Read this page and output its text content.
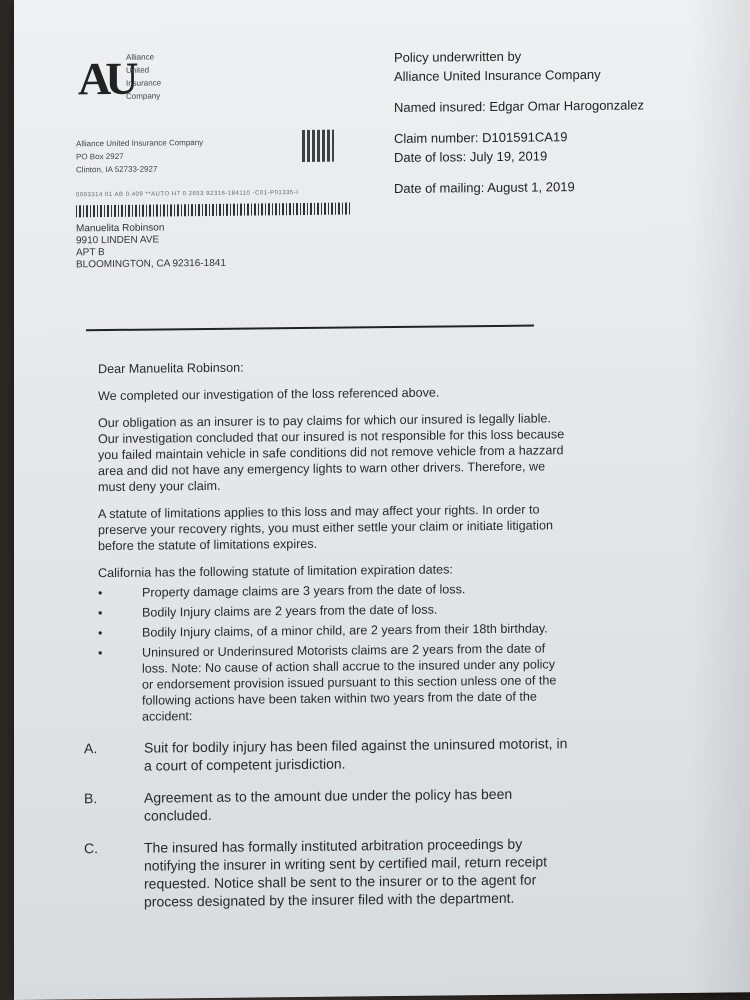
AU
Alliance
United
Insurance
Company
Alliance United Insurance Company
PO Box 2927
Clinton, IA 52733-2927
Policy underwritten by
Alliance United Insurance Company
Named insured: Edgar Omar Harogonzalez
Claim number: D101591CA19
Date of loss: July 19, 2019
Date of mailing: August 1, 2019
0003314 01 AB 0.409 **AUTO H7 0 2653 92316-184110 -C01-P01335-I
Manuelita Robinson
9910 LINDEN AVE
APT B
BLOOMINGTON, CA 92316-1841

Dear Manuelita Robinson:

We completed our investigation of the loss referenced above.

Our obligation as an insurer is to pay claims for which our insured is legally liable. Our investigation concluded that our insured is not responsible for this loss because you failed maintain vehicle in safe conditions did not remove vehicle from a hazzard area and did not have any emergency lights to warn other drivers. Therefore, we must deny your claim.

A statute of limitations applies to this loss and may affect your rights. In order to preserve your recovery rights, you must either settle your claim or initiate litigation before the statute of limitations expires.

California has the following statute of limitation expiration dates:

•	Property damage claims are 3 years from the date of loss.
•	Bodily Injury claims are 2 years from the date of loss.
•	Bodily Injury claims, of a minor child, are 2 years from their 18th birthday.
•	Uninsured or Underinsured Motorists claims are 2 years from the date of loss. Note: No cause of action shall accrue to the insured under any policy or endorsement provision issued pursuant to this section unless one of the following actions have been taken within two years from the date of the accident:
A.	Suit for bodily injury has been filed against the uninsured motorist, in a court of competent jurisdiction.
B.	Agreement as to the amount due under the policy has been concluded.
C.	The insured has formally instituted arbitration proceedings by notifying the insurer in writing sent by certified mail, return receipt requested. Notice shall be sent to the insurer or to the agent for process designated by the insurer filed with the department.
